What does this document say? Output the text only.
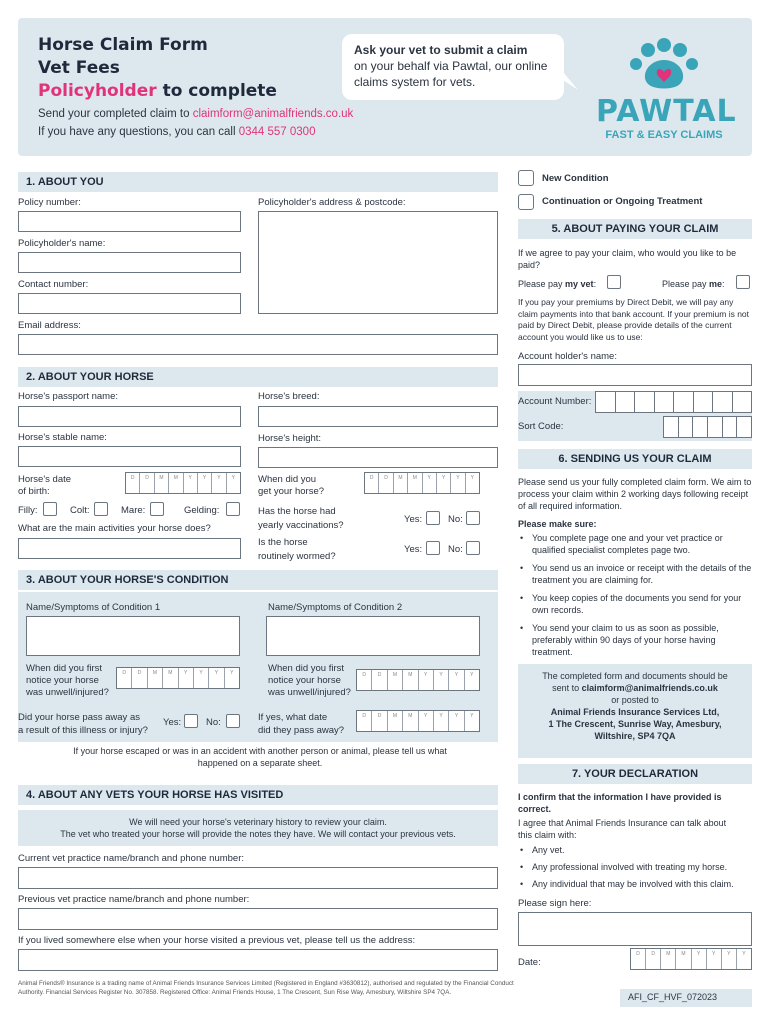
Horse Claim Form
Vet Fees
Policyholder to complete
Ask your vet to submit a claim
on your behalf via Pawtal, our online claims system for vets.
PAWTAL
FAST & EASY CLAIMS
Send your completed claim to claimform@animalfriends.co.uk
If you have any questions, you can call 0344 557 0300
1. ABOUT YOU
Policy number:	Policyholder's address & postcode:
Policyholder's name:
Contact number:
Email address:
New Condition
Continuation or Ongoing Treatment
5. ABOUT PAYING YOUR CLAIM
If we agree to pay your claim, who would you like to be paid?
Please pay my vet:	Please pay me:
If you pay your premiums by Direct Debit, we will pay any claim payments into that bank account. If your premium is not paid by Direct Debit, please provide details of the current account you would like us to use:
Account holder's name:
Account Number:
Sort Code:
2. ABOUT YOUR HORSE
Horse's passport name:	Horse's breed:
Horse's stable name:	Horse's height:
Horse's date
of birth:
D	D	M	M	Y	Y	Y	Y	When did you
get your horse?
D	D	M	M	Y	Y	Y	Y
Filly:	Colt:	Mare:	Gelding:
What are the main activities your horse does?
Has the horse had
yearly vaccinations?
Yes:	No:
Is the horse
routinely wormed?
Yes:	No:
3. ABOUT YOUR HORSE'S CONDITION
Name/Symptoms of Condition 1	Name/Symptoms of Condition 2
When did you first
notice your horse
was unwell/injured?
D	D	M	M	Y	Y	Y	Y	When did you first
notice your horse
was unwell/injured?
D	D	M	M	Y	Y	Y	Y
Did your horse pass away as
a result of this illness or injury?
Yes:	No:	If yes, what date
did they pass away?
D	D	M	M	Y	Y	Y	Y
If your horse escaped or was in an accident with another person or animal, please tell us what happened on a separate sheet.
4. ABOUT ANY VETS YOUR HORSE HAS VISITED
We will need your horse's veterinary history to review your claim.
The vet who treated your horse will provide the notes they have. We will contact your previous vets.
Current vet practice name/branch and phone number:
Previous vet practice name/branch and phone number:
If you lived somewhere else when your horse visited a previous vet, please tell us the address:
6. SENDING US YOUR CLAIM
Please send us your fully completed claim form. We aim to process your claim within 2 working days following receipt of all required information.
Please make sure:
• You complete page one and your vet practice or qualified specialist completes page two.
• You send us an invoice or receipt with the details of the treatment you are claiming for.
• You keep copies of the documents you send for your own records.
• You send your claim to us as soon as possible, preferably within 90 days of your horse having treatment.
The completed form and documents should be
sent to claimform@animalfriends.co.uk
or posted to
Animal Friends Insurance Services Ltd,
1 The Crescent, Sunrise Way, Amesbury,
Wiltshire, SP4 7QA
7. YOUR DECLARATION
I confirm that the information I have provided is correct.
I agree that Animal Friends Insurance can talk about this claim with:
• Any vet.
• Any professional involved with treating my horse.
• Any individual that may be involved with this claim.
Please sign here:
Date:
D	D	M	M	Y	Y	Y	Y
Animal Friends® Insurance is a trading name of Animal Friends Insurance Services Limited (Registered in England #3630812), authorised and regulated by the Financial Conduct Authority. Financial Services Register No. 307858. Registered Office: Animal Friends House, 1 The Crescent, Sun Rise Way, Amesbury, Wiltshire SP4 7QA.	AFI_CF_HVF_072023
